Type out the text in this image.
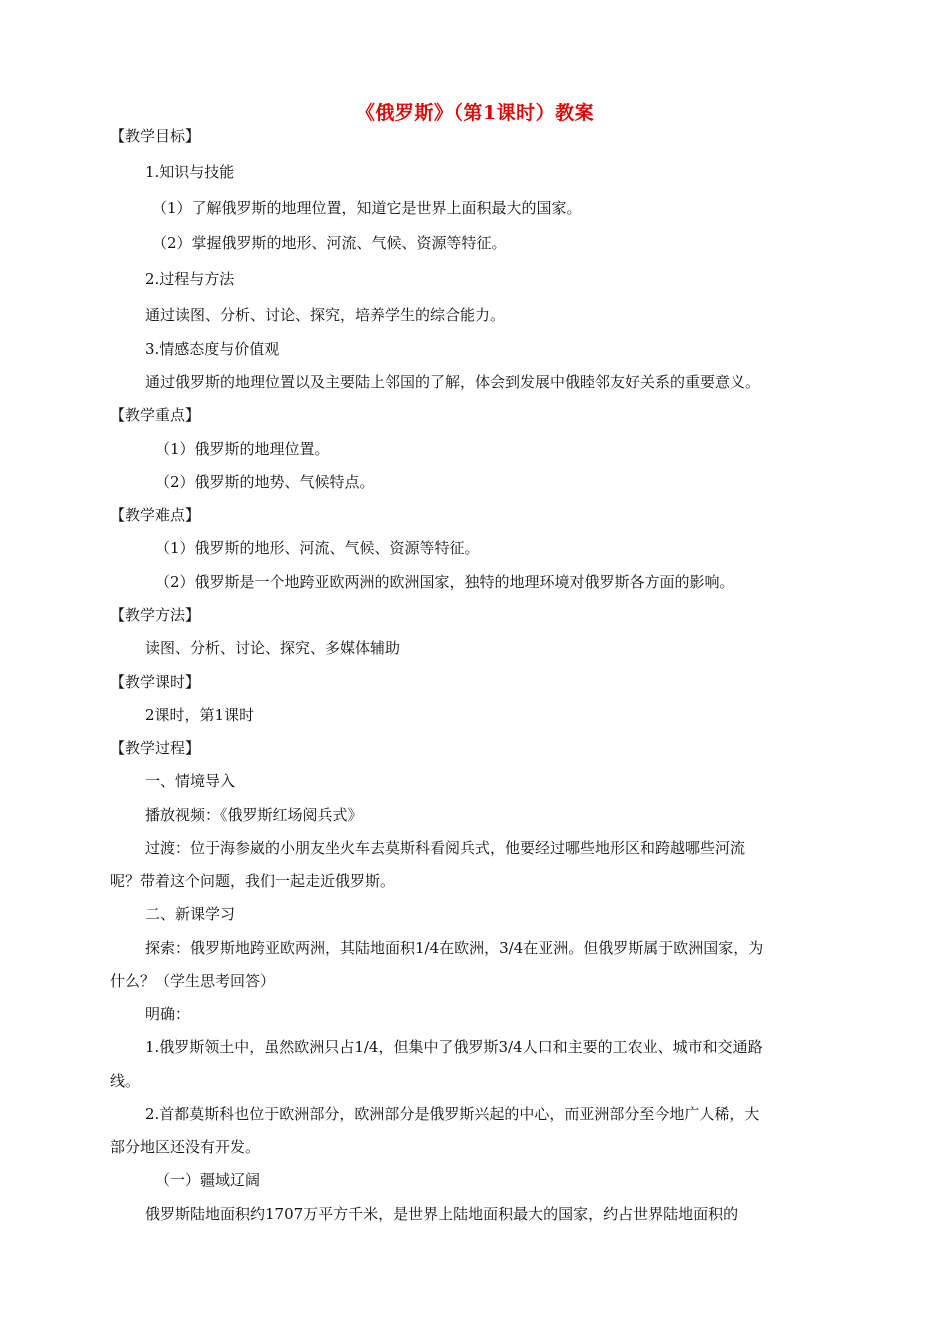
《俄罗斯》（第1课时）教案
【教学目标】
1.知识与技能
（1）了解俄罗斯的地理位置，知道它是世界上面积最大的国家。
（2）掌握俄罗斯的地形、河流、气候、资源等特征。
2.过程与方法
通过读图、分析、讨论、探究，培养学生的综合能力。
3.情感态度与价值观
通过俄罗斯的地理位置以及主要陆上邻国的了解，体会到发展中俄睦邻友好关系的重要意义。
【教学重点】
（1）俄罗斯的地理位置。
（2）俄罗斯的地势、气候特点。
【教学难点】
（1）俄罗斯的地形、河流、气候、资源等特征。
（2）俄罗斯是一个地跨亚欧两洲的欧洲国家，独特的地理环境对俄罗斯各方面的影响。
【教学方法】
读图、分析、讨论、探究、多媒体辅助
【教学课时】
2课时，第1课时
【教学过程】
一、情境导入
播放视频：《俄罗斯红场阅兵式》
过渡：位于海参崴的小朋友坐火车去莫斯科看阅兵式，他要经过哪些地形区和跨越哪些河流
呢？带着这个问题，我们一起走近俄罗斯。
二、新课学习
探索：俄罗斯地跨亚欧两洲，其陆地面积1/4在欧洲，3/4在亚洲。但俄罗斯属于欧洲国家，为
什么？（学生思考回答）
明确：
1.俄罗斯领土中，虽然欧洲只占1/4，但集中了俄罗斯3/4人口和主要的工农业、城市和交通路
线。
2.首都莫斯科也位于欧洲部分，欧洲部分是俄罗斯兴起的中心，而亚洲部分至今地广人稀，大
部分地区还没有开发。
（一）疆域辽阔
俄罗斯陆地面积约1707万平方千米，是世界上陆地面积最大的国家，约占世界陆地面积的
